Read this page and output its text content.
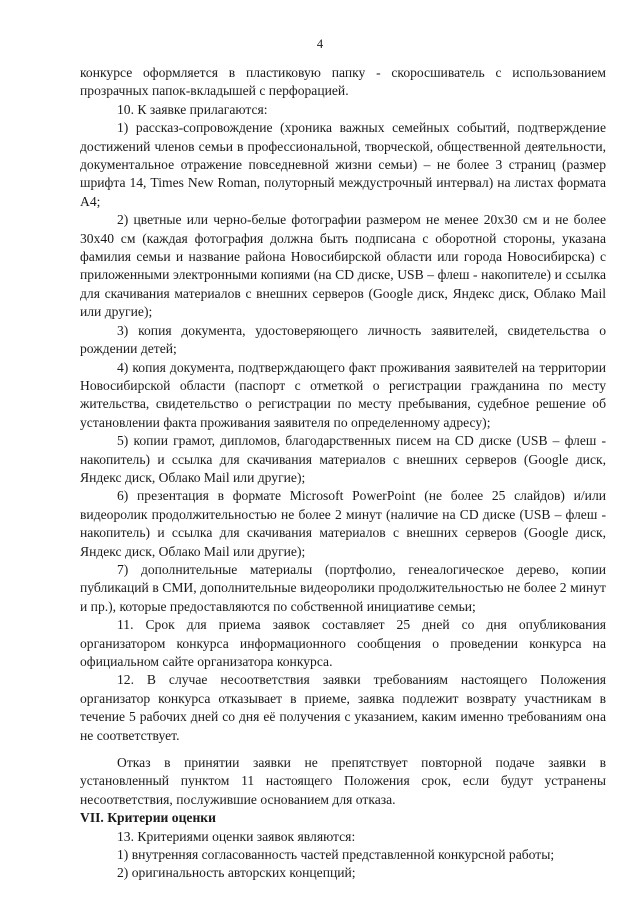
4

конкурсе оформляется в пластиковую папку - скоросшиватель с использованием прозрачных папок-вкладышей с перфорацией.

10. К заявке прилагаются:

1) рассказ-сопровождение (хроника важных семейных событий, подтверждение достижений членов семьи в профессиональной, творческой, общественной деятельности, документальное отражение повседневной жизни семьи) – не более 3 страниц (размер шрифта 14, Times New Roman, полуторный междустрочный интервал) на листах формата А4;

2) цветные или черно-белые фотографии размером не менее 20х30 см и не более 30х40 см (каждая фотография должна быть подписана с оборотной стороны, указана фамилия семьи и название района Новосибирской области или города Новосибирска) с приложенными электронными копиями (на CD диске, USB – флеш - накопителе) и ссылка для скачивания материалов с внешних серверов (Google диск, Яндекс диск, Облако Mail или другие);

3) копия документа, удостоверяющего личность заявителей, свидетельства о рождении детей;

4) копия документа, подтверждающего факт проживания заявителей на территории Новосибирской области (паспорт с отметкой о регистрации гражданина по месту жительства, свидетельство о регистрации по месту пребывания, судебное решение об установлении факта проживания заявителя по определенному адресу);

5) копии грамот, дипломов, благодарственных писем на CD диске (USB – флеш - накопитель) и ссылка для скачивания материалов с внешних серверов (Google диск, Яндекс диск, Облако Mail или другие);

6) презентация в формате Microsoft PowerPoint (не более 25 слайдов) и/или видеоролик продолжительностью не более 2 минут (наличие на CD диске (USB – флеш - накопитель) и ссылка для скачивания материалов с внешних серверов (Google диск, Яндекс диск, Облако Mail или другие);

7) дополнительные материалы (портфолио, генеалогическое дерево, копии публикаций в СМИ, дополнительные видеоролики продолжительностью не более 2 минут и пр.), которые предоставляются по собственной инициативе семьи;

11. Срок для приема заявок составляет 25 дней со дня опубликования организатором конкурса информационного сообщения о проведении конкурса на официальном сайте организатора конкурса.

12. В случае несоответствия заявки требованиям настоящего Положения организатор конкурса отказывает в приеме, заявка подлежит возврату участникам в течение 5 рабочих дней со дня её получения с указанием, каким именно требованиям она не соответствует.

Отказ в принятии заявки не препятствует повторной подаче заявки в установленный пунктом 11 настоящего Положения срок, если будут устранены несоответствия, послужившие основанием для отказа.

VII. Критерии оценки

13. Критериями оценки заявок являются:

1) внутренняя согласованность частей представленной конкурсной работы;

2) оригинальность авторских концепций;
